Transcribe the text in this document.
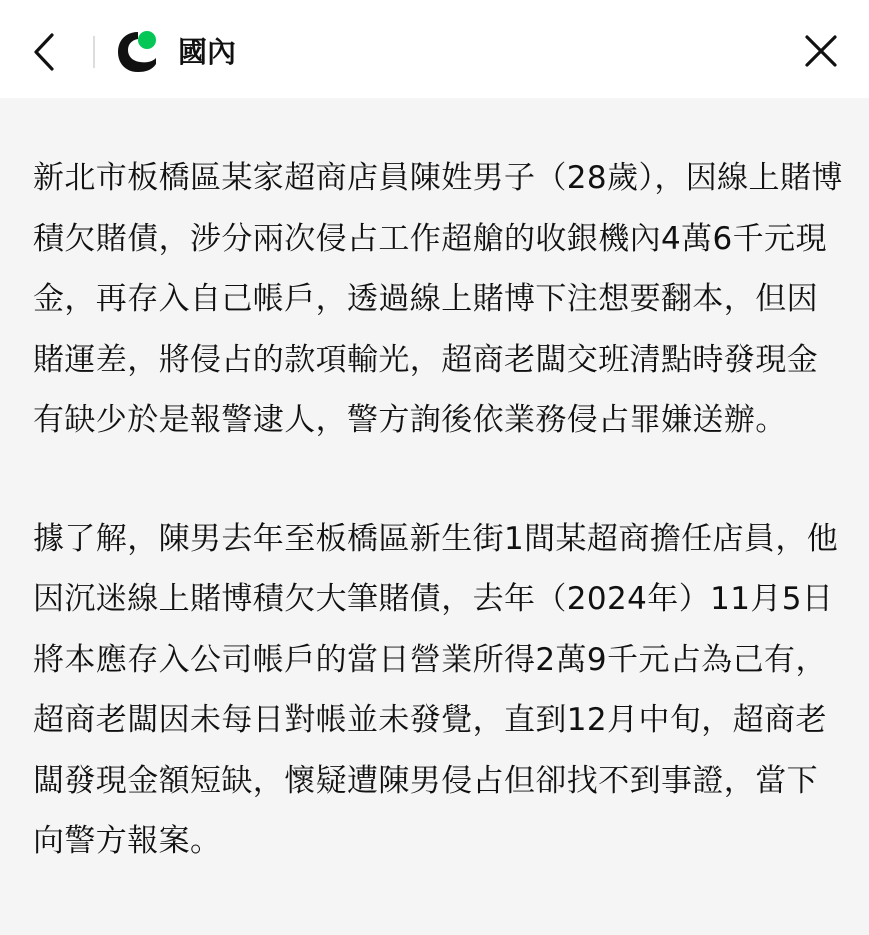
國內

新北市板橋區某家超商店員陳姓男子（28歲），因線上賭博積欠賭債，涉分兩次侵占工作超艙的收銀機內4萬6千元現金，再存入自己帳戶，透過線上賭博下注想要翻本，但因賭運差，將侵占的款項輸光，超商老闆交班清點時發現金有缺少於是報警逮人，警方詢後依業務侵占罪嫌送辦。

據了解，陳男去年至板橋區新生街1間某超商擔任店員，他因沉迷線上賭博積欠大筆賭債，去年（2024年）11月5日將本應存入公司帳戶的當日營業所得2萬9千元占為己有，超商老闆因未每日對帳並未發覺，直到12月中旬，超商老闆發現金額短缺，懷疑遭陳男侵占但卻找不到事證，當下向警方報案。
